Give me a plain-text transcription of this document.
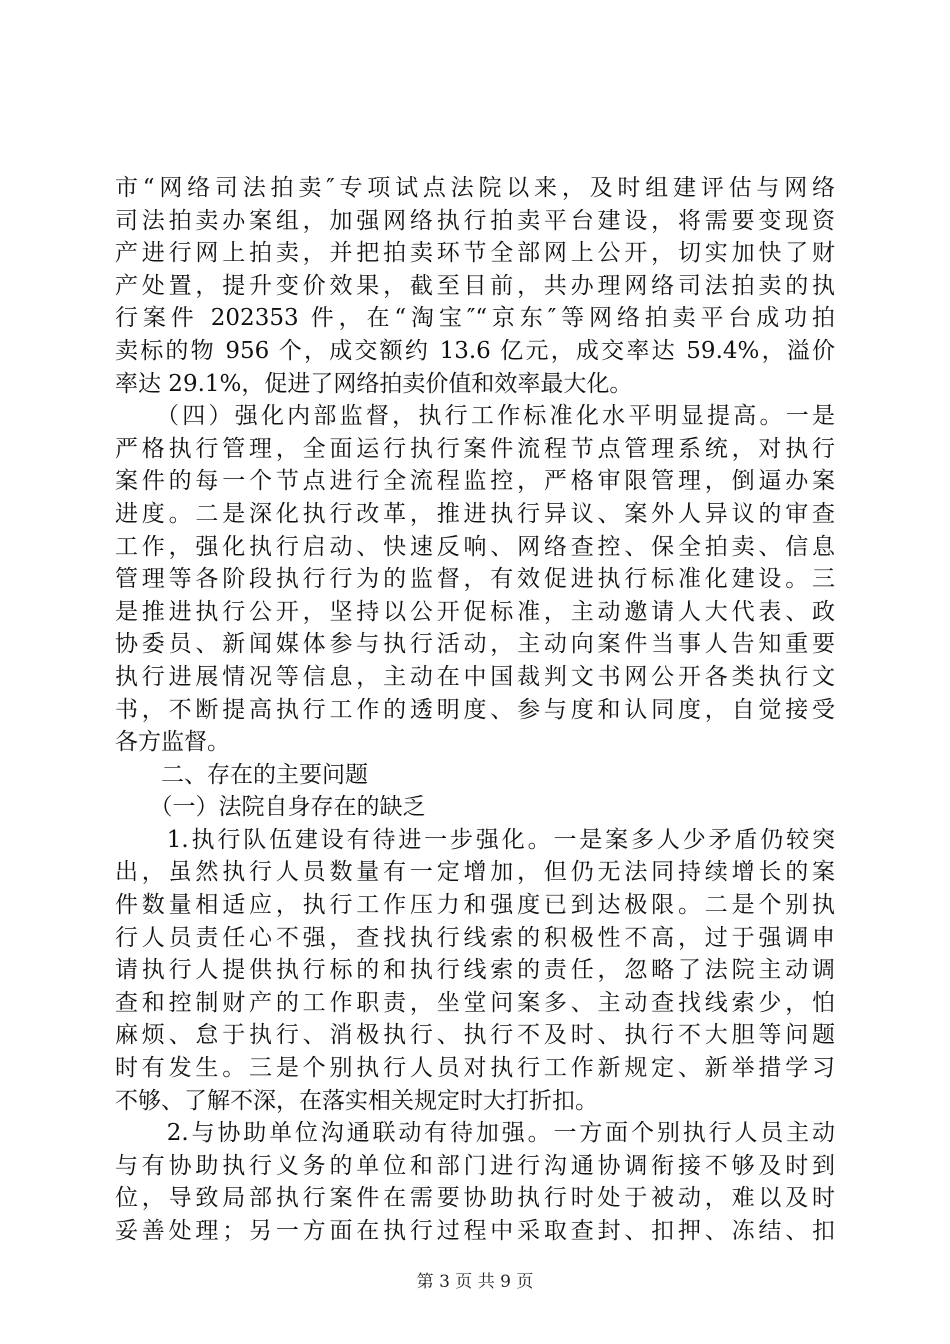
市“网络司法拍卖″专项试点法院以来，及时组建评估与网络
司法拍卖办案组，加强网络执行拍卖平台建设，将需要变现资
产进行网上拍卖，并把拍卖环节全部网上公开，切实加快了财
产处置，提升变价效果，截至目前，共办理网络司法拍卖的执
行案件 202353 件，在“淘宝″“京东″等网络拍卖平台成功拍
卖标的物 956 个，成交额约 13.6 亿元，成交率达 59.4%，溢价
率达 29.1%，促进了网络拍卖价值和效率最大化。
　　（四）强化内部监督，执行工作标准化水平明显提高。一是
严格执行管理，全面运行执行案件流程节点管理系统，对执行
案件的每一个节点进行全流程监控，严格审限管理，倒逼办案
进度。二是深化执行改革，推进执行异议、案外人异议的审查
工作，强化执行启动、快速反响、网络查控、保全拍卖、信息
管理等各阶段执行行为的监督，有效促进执行标准化建设。三
是推进执行公开，坚持以公开促标准，主动邀请人大代表、政
协委员、新闻媒体参与执行活动，主动向案件当事人告知重要
执行进展情况等信息，主动在中国裁判文书网公开各类执行文
书，不断提高执行工作的透明度、参与度和认同度，自觉接受
各方监督。
　　二、存在的主要问题
　　（一）法院自身存在的缺乏
　　1.执行队伍建设有待进一步强化。一是案多人少矛盾仍较突
出，虽然执行人员数量有一定增加，但仍无法同持续增长的案
件数量相适应，执行工作压力和强度已到达极限。二是个别执
行人员责任心不强，查找执行线索的积极性不高，过于强调申
请执行人提供执行标的和执行线索的责任，忽略了法院主动调
查和控制财产的工作职责，坐堂问案多、主动查找线索少，怕
麻烦、怠于执行、消极执行、执行不及时、执行不大胆等问题
时有发生。三是个别执行人员对执行工作新规定、新举措学习
不够、了解不深，在落实相关规定时大打折扣。
　　2.与协助单位沟通联动有待加强。一方面个别执行人员主动
与有协助执行义务的单位和部门进行沟通协调衔接不够及时到
位，导致局部执行案件在需要协助执行时处于被动，难以及时
妥善处理；另一方面在执行过程中采取查封、扣押、冻结、扣
第 3 页 共 9 页
